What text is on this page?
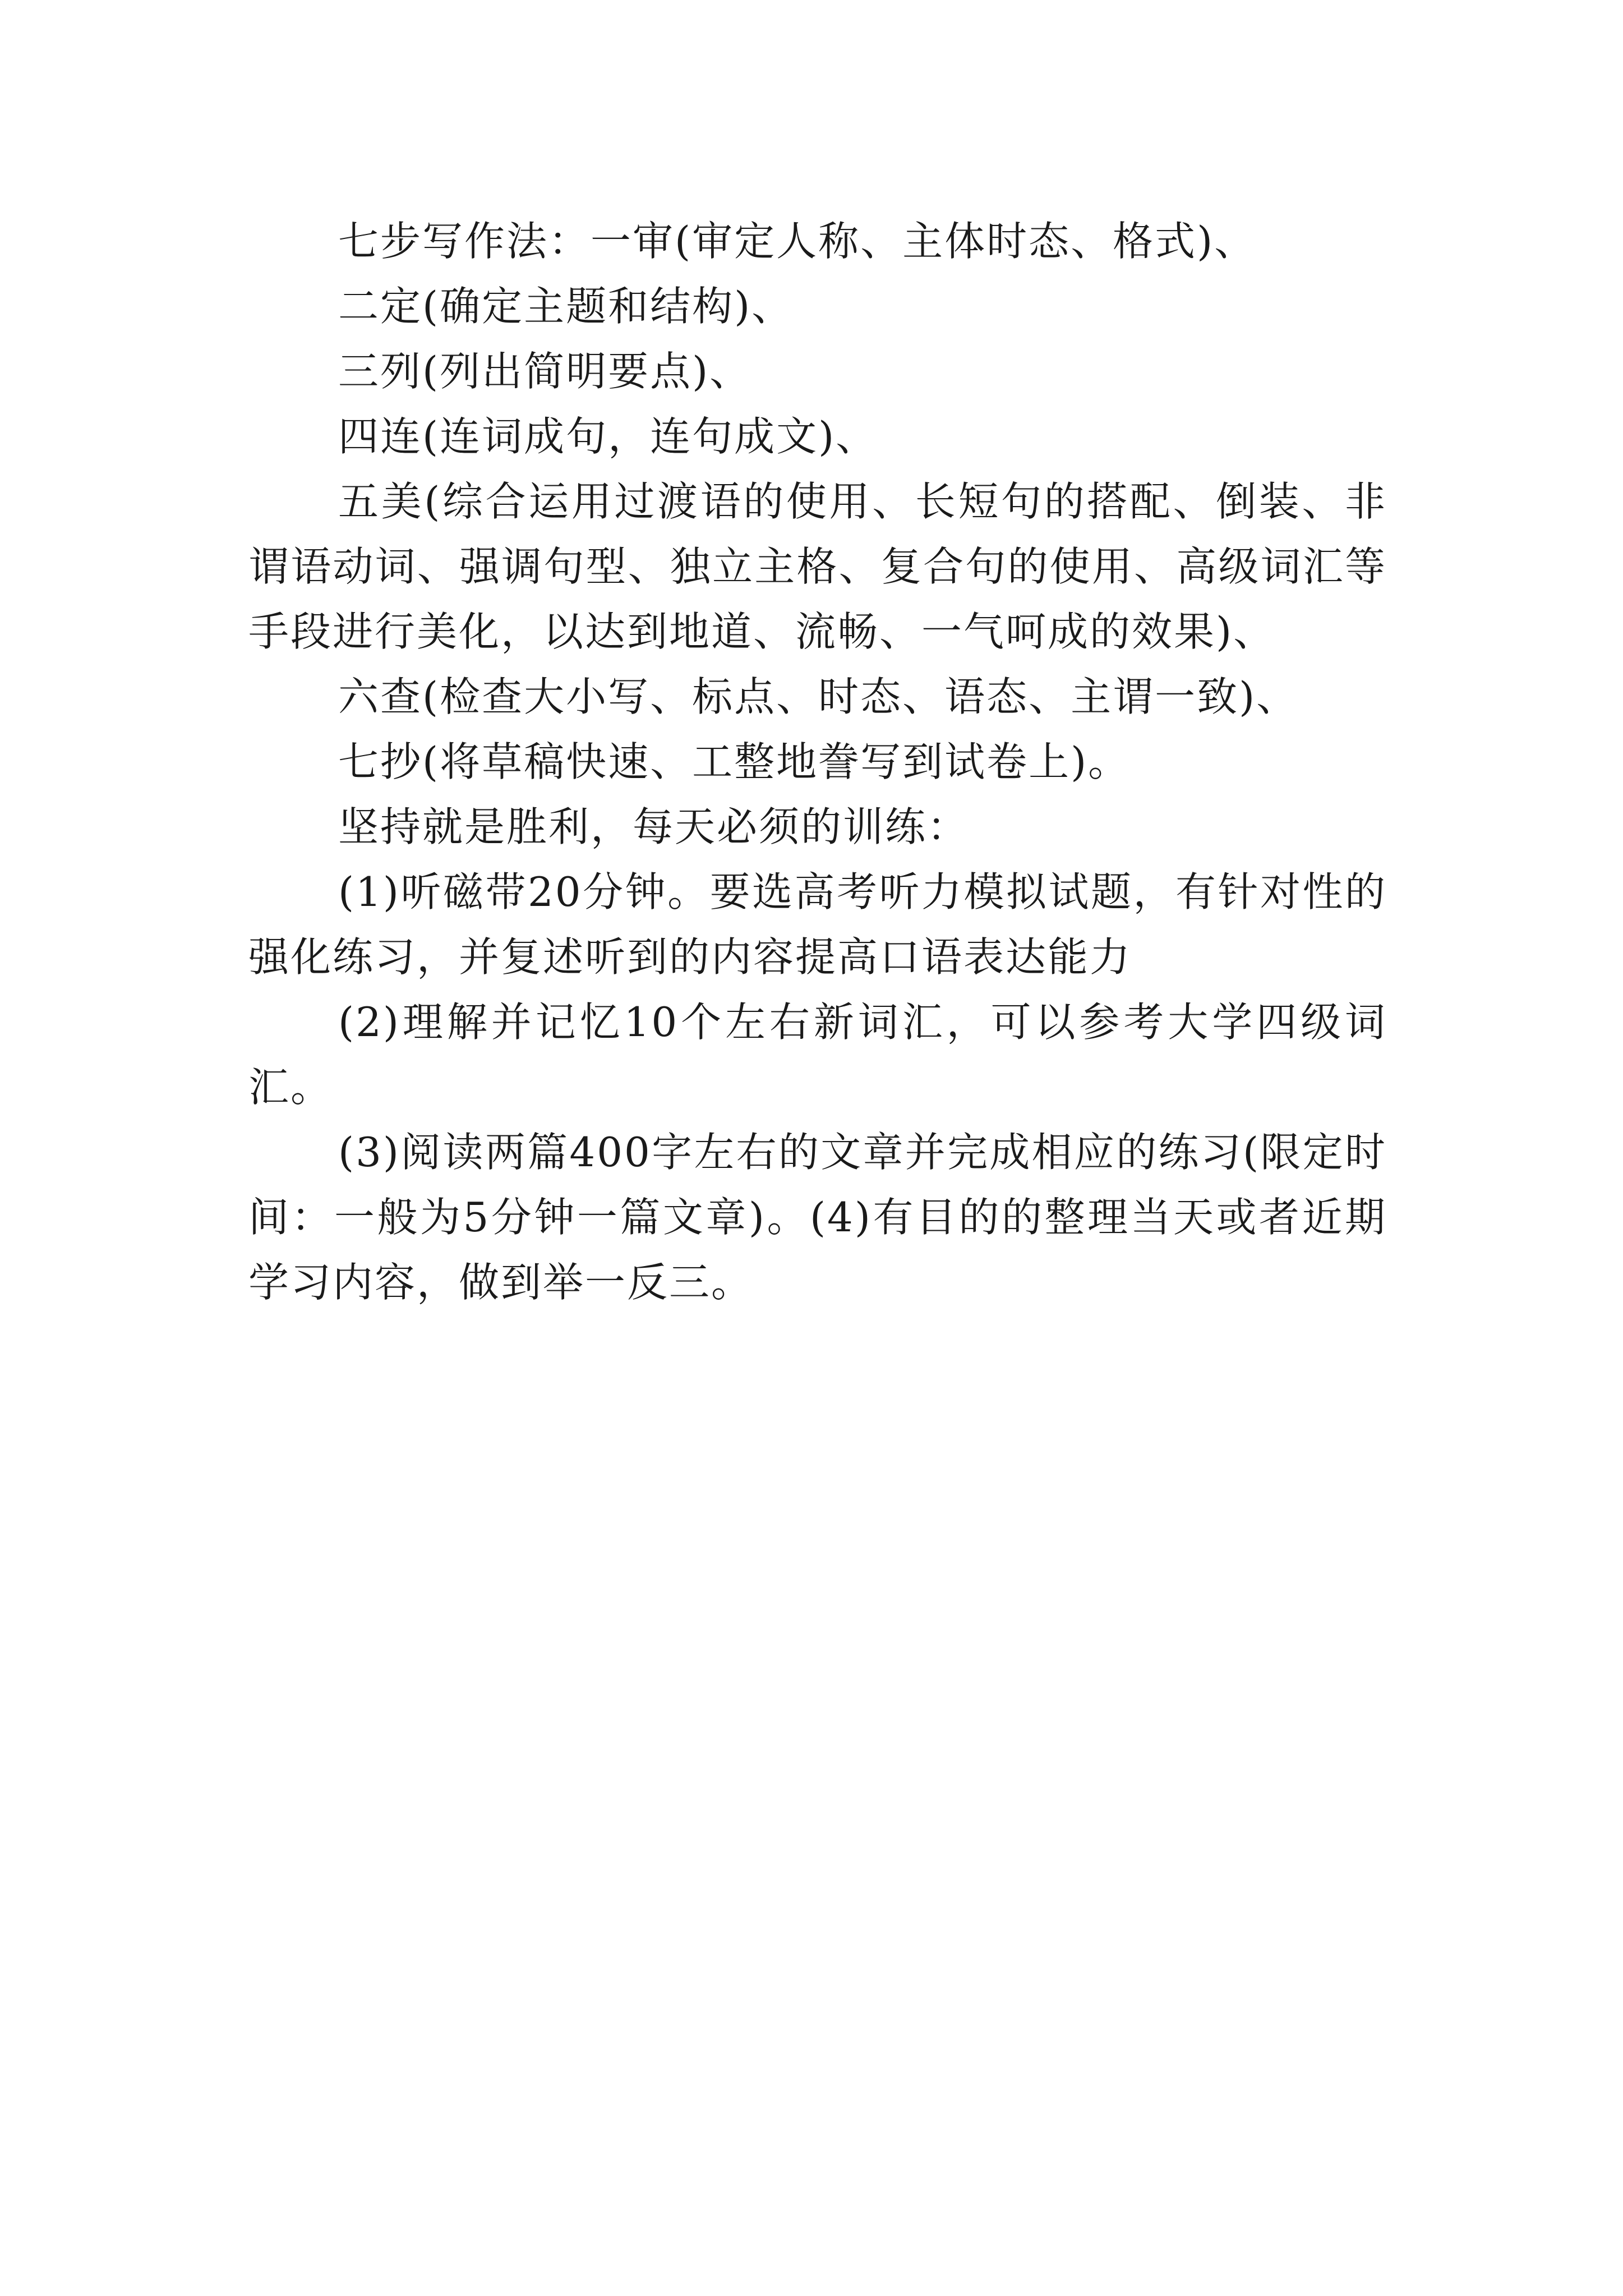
七步写作法：一审(审定人称、主体时态、格式)、

二定(确定主题和结构)、

三列(列出简明要点)、

四连(连词成句，连句成文)、

五美(综合运用过渡语的使用、长短句的搭配、倒装、非谓语动词、强调句型、独立主格、复合句的使用、高级词汇等手段进行美化，以达到地道、流畅、一气呵成的效果)、

六查(检查大小写、标点、时态、语态、主谓一致)、

七抄(将草稿快速、工整地誊写到试卷上)。

坚持就是胜利，每天必须的训练：

(1)听磁带20分钟。要选高考听力模拟试题，有针对性的强化练习，并复述听到的内容提高口语表达能力

(2)理解并记忆10个左右新词汇，可以参考大学四级词汇。

(3)阅读两篇400字左右的文章并完成相应的练习(限定时间：一般为5分钟一篇文章)。(4)有目的的整理当天或者近期学习内容，做到举一反三。
